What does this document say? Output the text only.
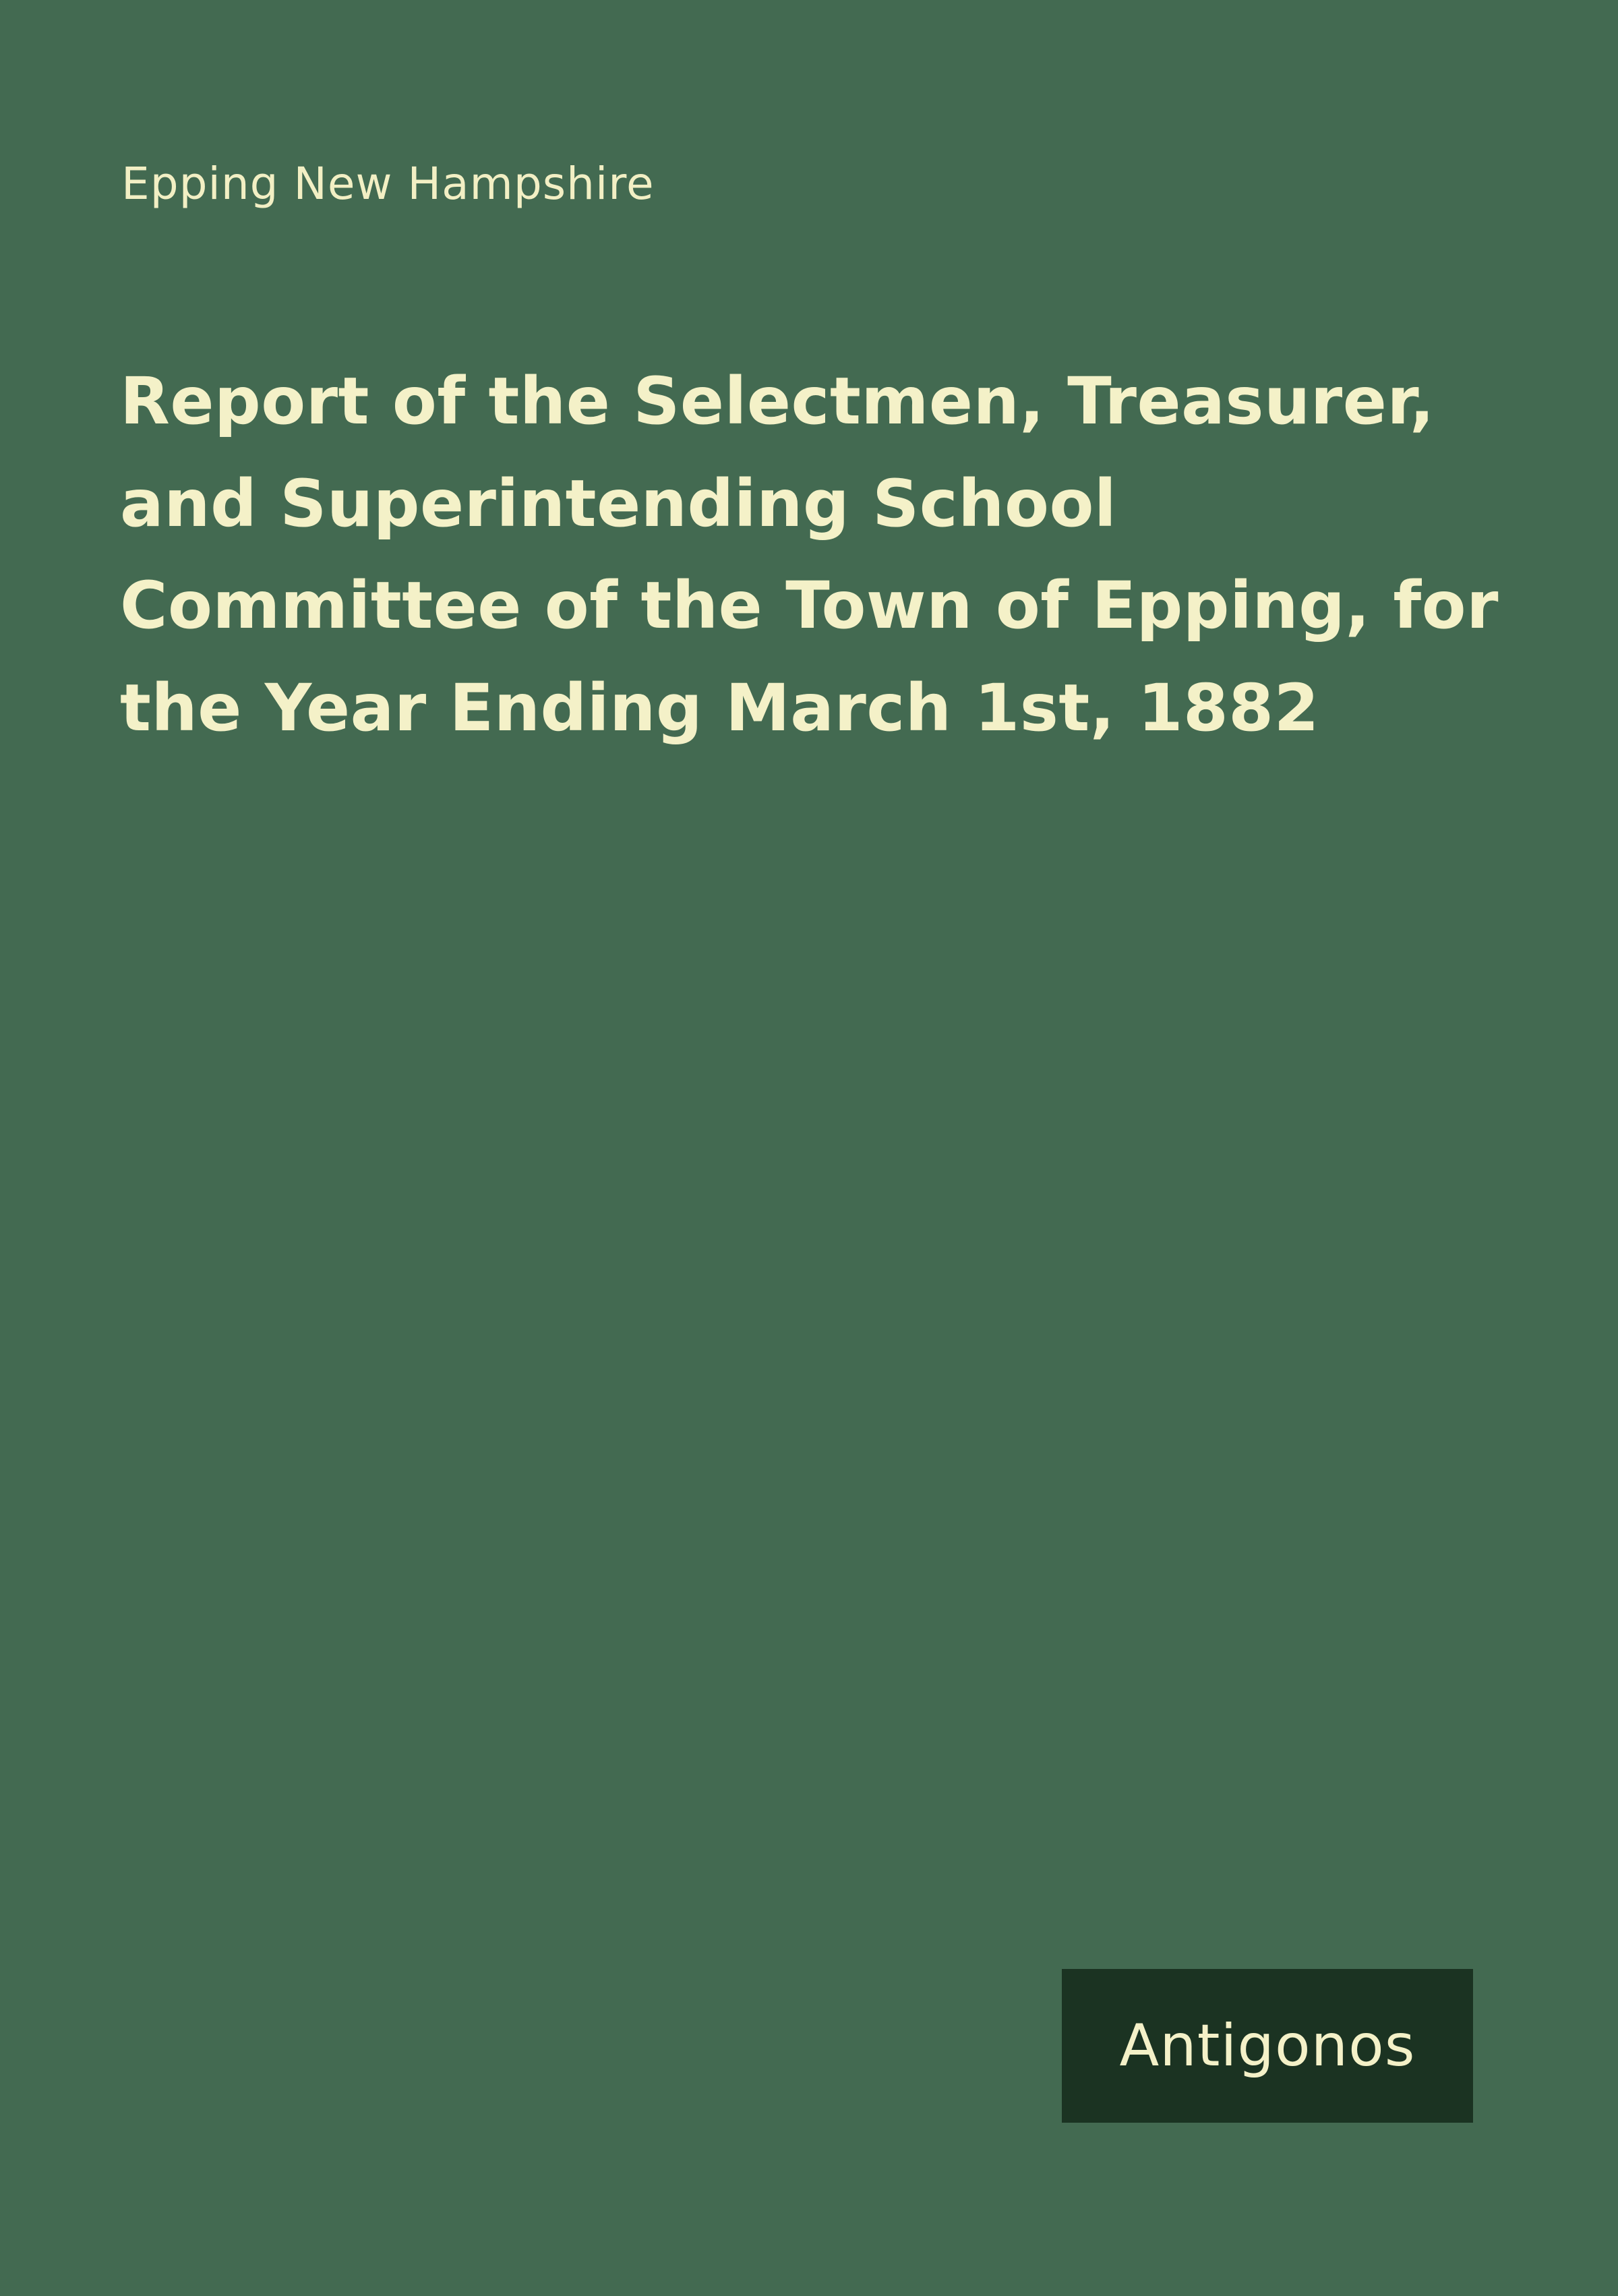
Epping New Hampshire
Report of the Selectmen, Treasurer, and Superintending School Committee of the Town of Epping, for the Year Ending March 1st, 1882
Antigonos
